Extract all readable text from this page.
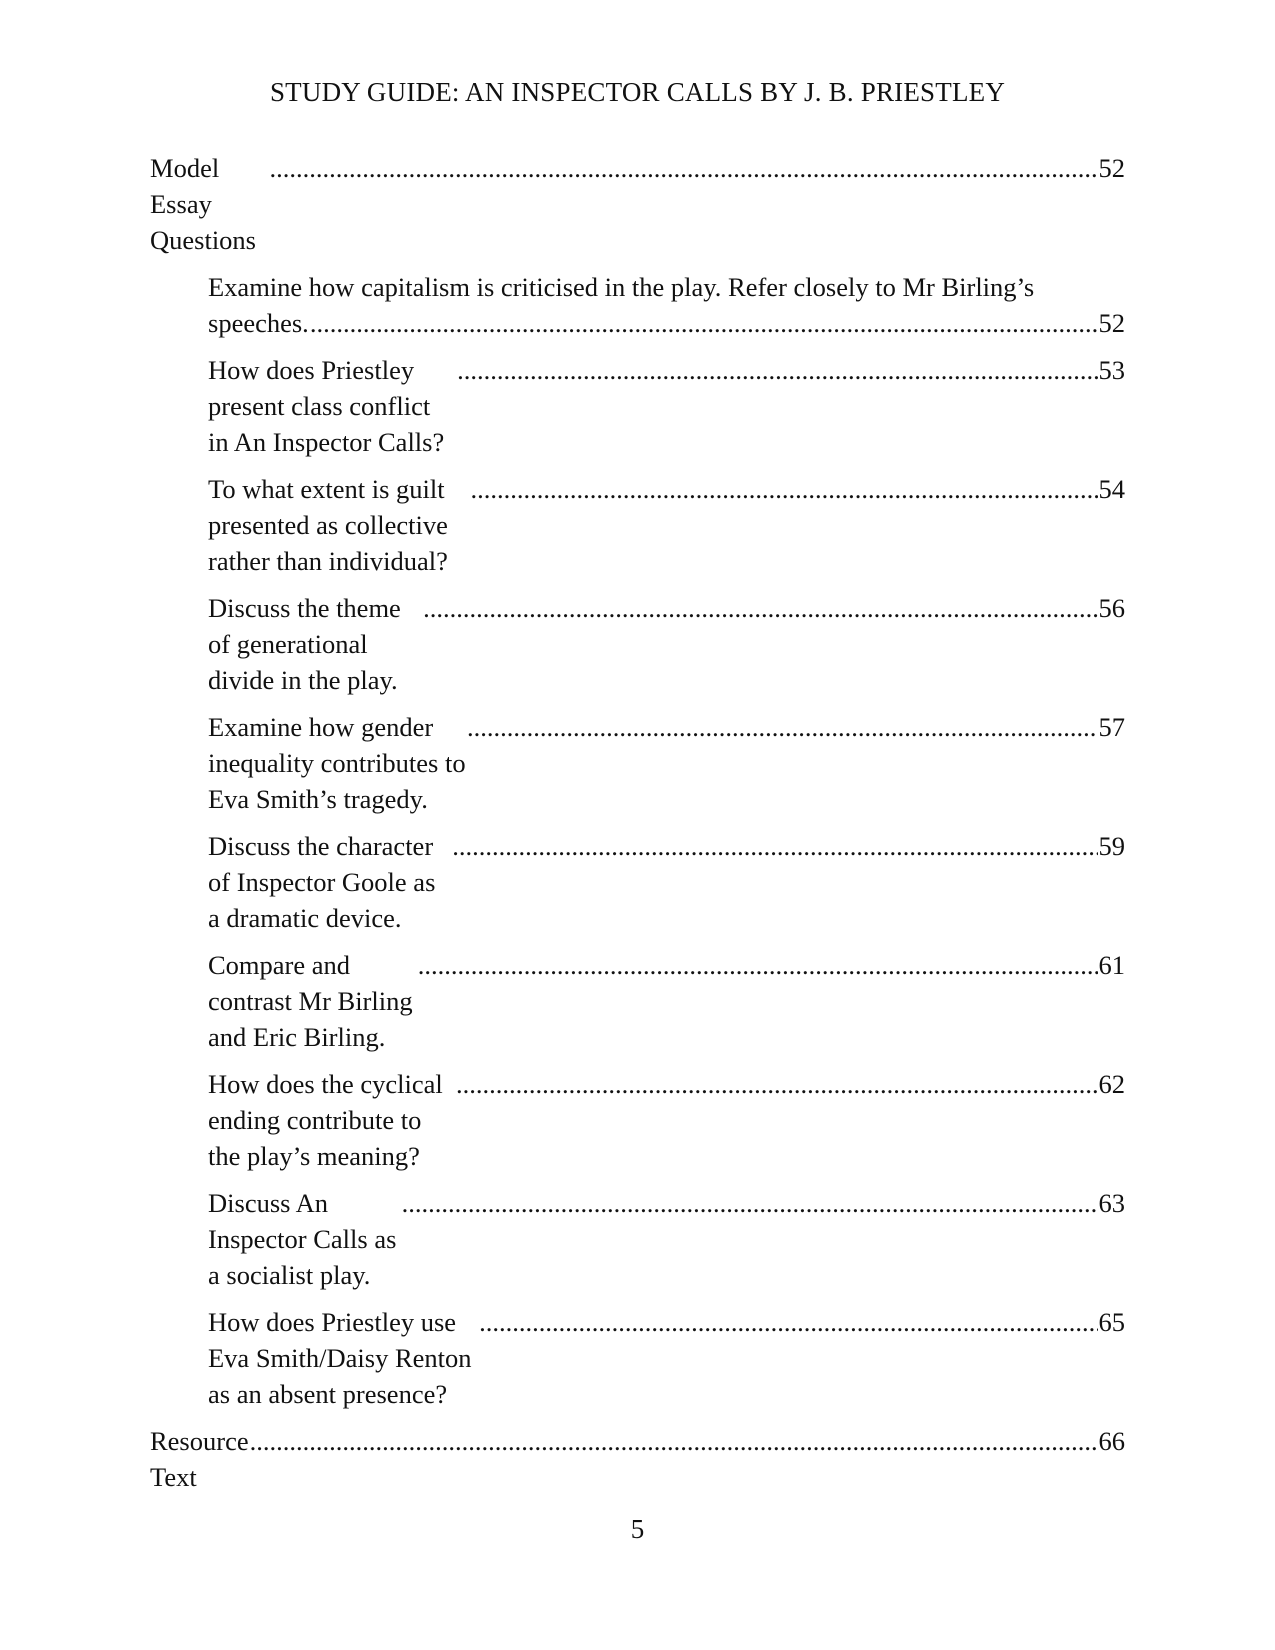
STUDY GUIDE: AN INSPECTOR CALLS BY J. B. PRIESTLEY
Model Essay Questions
.....
52
Examine how capitalism is criticised in the play. Refer closely to Mr Birling’s
speeches.
.....	52
How does Priestley present class conflict in An Inspector Calls?
.....
53
To what extent is guilt presented as collective rather than individual?
.....
54
Discuss the theme of generational divide in the play.
.....
56
Examine how gender inequality contributes to Eva Smith’s tragedy.
.....
57
Discuss the character of Inspector Goole as a dramatic device.
.....
59
Compare and contrast Mr Birling and Eric Birling.
.....
61
How does the cyclical ending contribute to the play’s meaning?
.....
62
Discuss An Inspector Calls as a socialist play.
.....
63
How does Priestley use Eva Smith/Daisy Renton as an absent presence?
.....
65
Resource Text
.....
66
5
